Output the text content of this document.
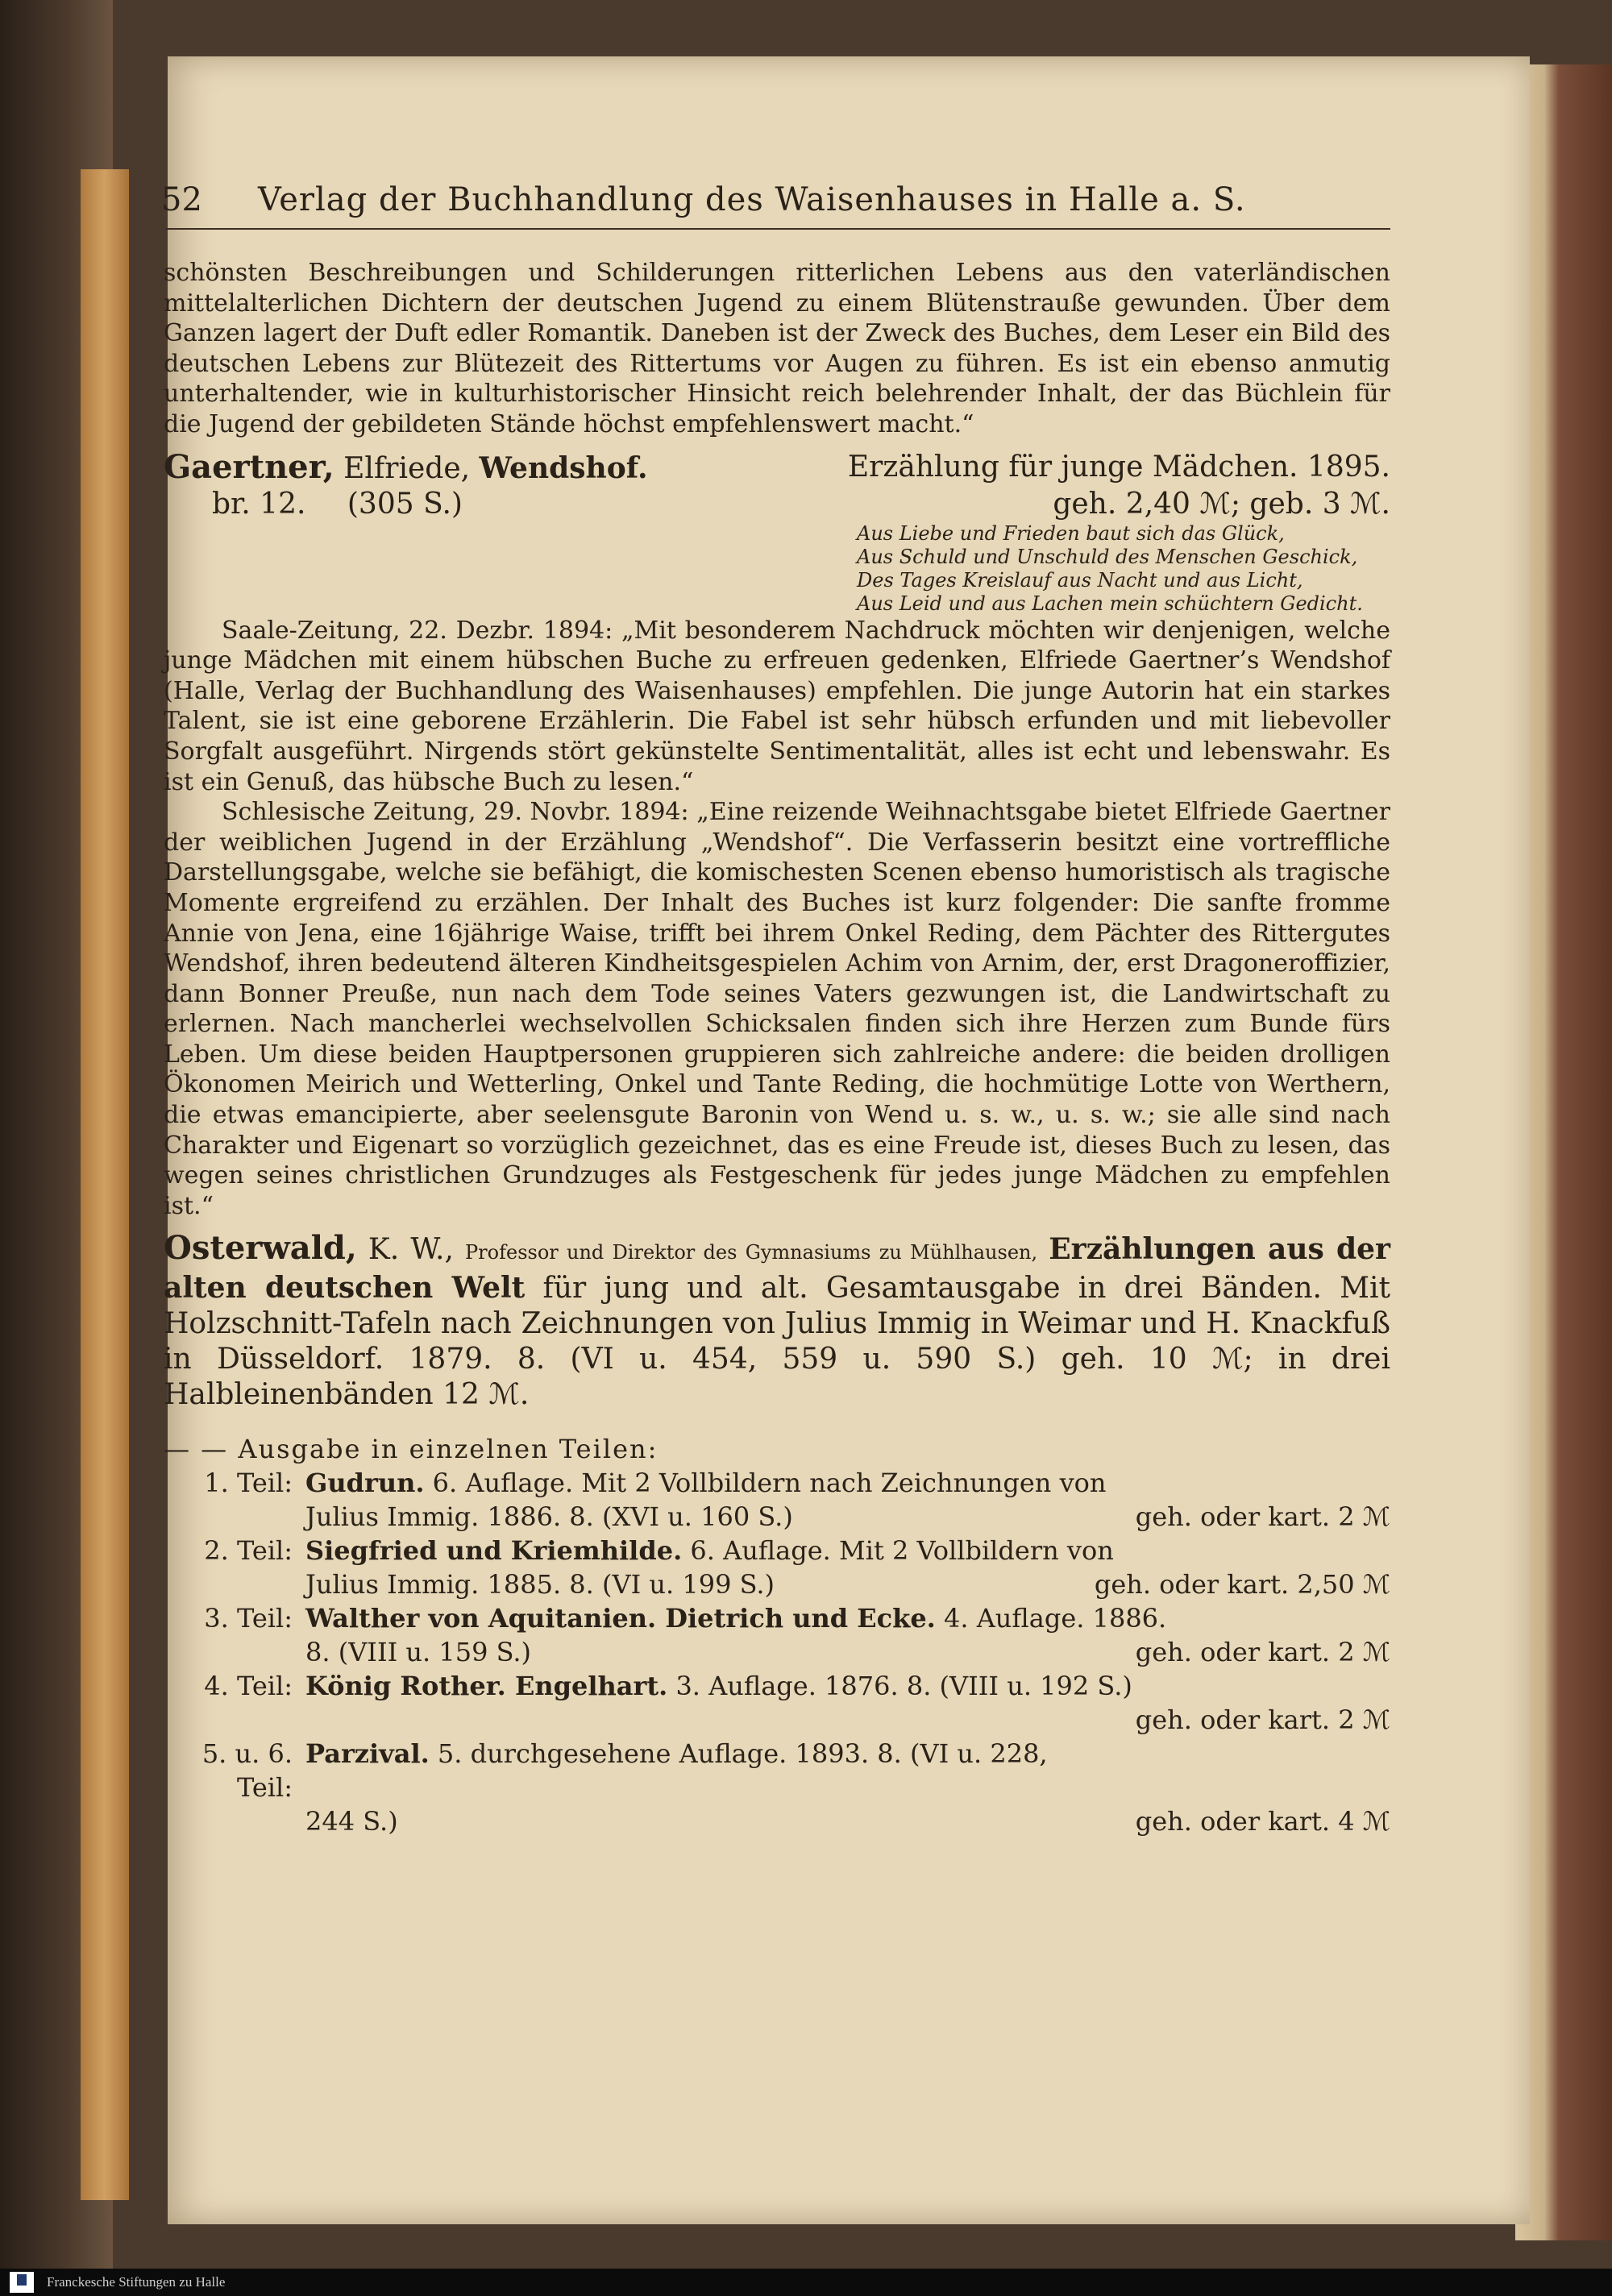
52 Verlag der Buchhandlung des Waisenhauses in Halle a. S.

schönsten Beschreibungen und Schilderungen ritterlichen Lebens aus den vaterländischen mittelalterlichen Dichtern der deutschen Jugend zu einem Blütenstrauße gewunden. Über dem Ganzen lagert der Duft edler Romantik. Daneben ist der Zweck des Buches, dem Leser ein Bild des deutschen Lebens zur Blütezeit des Rittertums vor Augen zu führen. Es ist ein ebenso anmutig unterhaltender, wie in kulturhistorischer Hinsicht reich belehrender Inhalt, der das Büchlein für die Jugend der gebildeten Stände höchst empfehlenswert macht.“

Gaertner, Elfriede, Wendshof.	Erzählung für junge Mädchen. 1895.

br. 12. (305 S.)	geh. 2,40 ℳ; geb. 3 ℳ.

Aus Liebe und Frieden baut sich das Glück,
Aus Schuld und Unschuld des Menschen Geschick,
Des Tages Kreislauf aus Nacht und aus Licht,
Aus Leid und aus Lachen mein schüchtern Gedicht.

Saale-Zeitung, 22. Dezbr. 1894: „Mit besonderem Nachdruck möchten wir denjenigen, welche junge Mädchen mit einem hübschen Buche zu erfreuen gedenken, Elfriede Gaertner’s Wendshof (Halle, Verlag der Buchhandlung des Waisenhauses) empfehlen. Die junge Autorin hat ein starkes Talent, sie ist eine geborene Erzählerin. Die Fabel ist sehr hübsch erfunden und mit liebevoller Sorgfalt ausgeführt. Nirgends stört gekünstelte Sentimentalität, alles ist echt und lebenswahr. Es ist ein Genuß, das hübsche Buch zu lesen.“

Schlesische Zeitung, 29. Novbr. 1894: „Eine reizende Weihnachtsgabe bietet Elfriede Gaertner der weiblichen Jugend in der Erzählung „Wendshof“. Die Verfasserin besitzt eine vortreffliche Darstellungsgabe, welche sie befähigt, die komischesten Scenen ebenso humoristisch als tragische Momente ergreifend zu erzählen. Der Inhalt des Buches ist kurz folgender: Die sanfte fromme Annie von Jena, eine 16jährige Waise, trifft bei ihrem Onkel Reding, dem Pächter des Rittergutes Wendshof, ihren bedeutend älteren Kindheitsgespielen Achim von Arnim, der, erst Dragoneroffizier, dann Bonner Preuße, nun nach dem Tode seines Vaters gezwungen ist, die Landwirtschaft zu erlernen. Nach mancherlei wechselvollen Schicksalen finden sich ihre Herzen zum Bunde fürs Leben. Um diese beiden Hauptpersonen gruppieren sich zahlreiche andere: die beiden drolligen Ökonomen Meirich und Wetterling, Onkel und Tante Reding, die hochmütige Lotte von Werthern, die etwas emancipierte, aber seelensgute Baronin von Wend u. s. w., u. s. w.; sie alle sind nach Charakter und Eigenart so vorzüglich gezeichnet, das es eine Freude ist, dieses Buch zu lesen, das wegen seines christlichen Grundzuges als Festgeschenk für jedes junge Mädchen zu empfehlen ist.“

Osterwald, K. W., Professor und Direktor des Gymnasiums zu Mühlhausen, Erzählungen aus der alten deutschen Welt für jung und alt. Gesamtausgabe in drei Bänden. Mit Holzschnitt-Tafeln nach Zeichnungen von Julius Immig in Weimar und H. Knackfuß in Düsseldorf. 1879. 8. (VI u. 454, 559 u. 590 S.) geh. 10 ℳ; in drei Halbleinenbänden 12 ℳ.

— — Ausgabe in einzelnen Teilen:

1. Teil: Gudrun. 6. Auflage. Mit 2 Vollbildern nach Zeichnungen von
Julius Immig. 1886. 8. (XVI u. 160 S.)	geh. oder kart. 2 ℳ
2. Teil: Siegfried und Kriemhilde. 6. Auflage. Mit 2 Vollbildern von
Julius Immig. 1885. 8. (VI u. 199 S.)	geh. oder kart. 2,50 ℳ
3. Teil: Walther von Aquitanien. Dietrich und Ecke. 4. Auflage. 1886.
8. (VIII u. 159 S.)	geh. oder kart. 2 ℳ
4. Teil: König Rother. Engelhart. 3. Auflage. 1876. 8. (VIII u. 192 S.)
geh. oder kart. 2 ℳ
5. u. 6. Teil:
Parzival. 5. durchgesehene Auflage. 1893. 8. (VI u. 228,
244 S.)	geh. oder kart. 4 ℳ
Franckesche Stiftungen zu Halle
